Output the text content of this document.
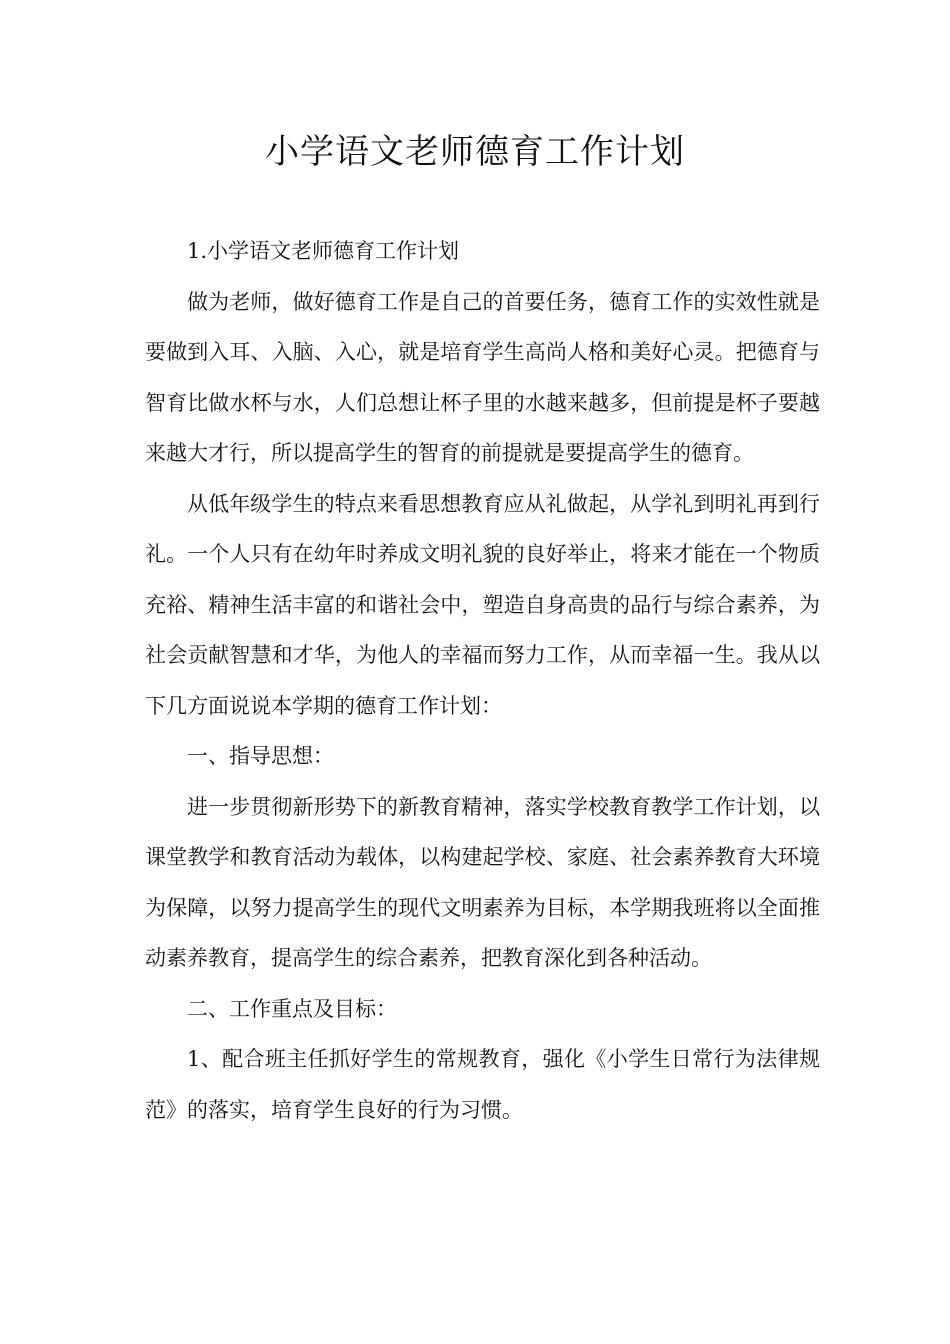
小学语文老师德育工作计划

1.小学语文老师德育工作计划

做为老师，做好德育工作是自己的首要任务，德育工作的实效性就是要做到入耳、入脑、入心，就是培育学生高尚人格和美好心灵。把德育与智育比做水杯与水，人们总想让杯子里的水越来越多，但前提是杯子要越来越大才行，所以提高学生的智育的前提就是要提高学生的德育。

从低年级学生的特点来看思想教育应从礼做起，从学礼到明礼再到行礼。一个人只有在幼年时养成文明礼貌的良好举止，将来才能在一个物质充裕、精神生活丰富的和谐社会中，塑造自身高贵的品行与综合素养，为社会贡献智慧和才华，为他人的幸福而努力工作，从而幸福一生。我从以下几方面说说本学期的德育工作计划：

一、指导思想：

进一步贯彻新形势下的新教育精神，落实学校教育教学工作计划，以课堂教学和教育活动为载体，以构建起学校、家庭、社会素养教育大环境为保障，以努力提高学生的现代文明素养为目标，本学期我班将以全面推动素养教育，提高学生的综合素养，把教育深化到各种活动。

二、工作重点及目标：

1、配合班主任抓好学生的常规教育，强化《小学生日常行为法律规范》的落实，培育学生良好的行为习惯。
